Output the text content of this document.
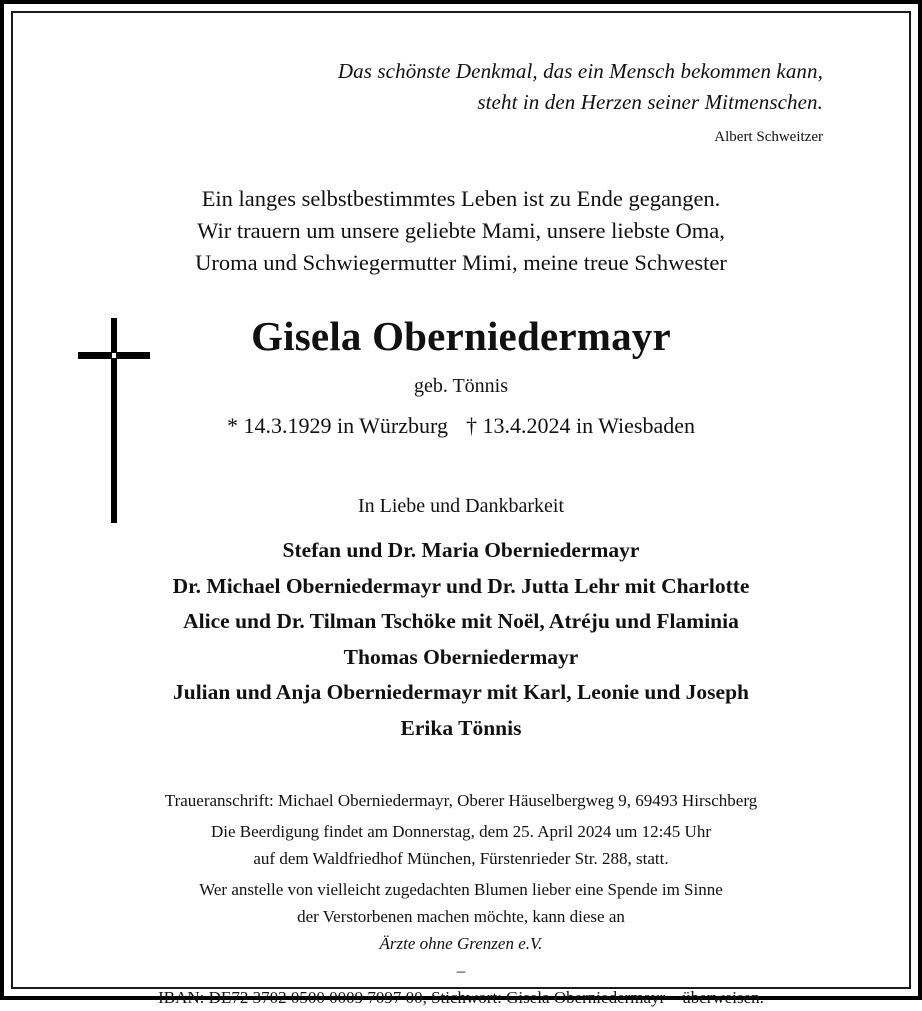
Das schönste Denkmal, das ein Mensch bekommen kann,
steht in den Herzen seiner Mitmenschen.
Albert Schweitzer
Ein langes selbstbestimmtes Leben ist zu Ende gegangen.
Wir trauern um unsere geliebte Mami, unsere liebste Oma,
Uroma und Schwiegermutter Mimi, meine treue Schwester
Gisela Oberniedermayr
geb. Tönnis
* 14.3.1929 in Würzburg † 13.4.2024 in Wiesbaden
In Liebe und Dankbarkeit
Stefan und Dr. Maria Oberniedermayr
Dr. Michael Oberniedermayr und Dr. Jutta Lehr mit Charlotte
Alice und Dr. Tilman Tschöke mit Noël, Atréju und Flaminia
Thomas Oberniedermayr
Julian und Anja Oberniedermayr mit Karl, Leonie und Joseph
Erika Tönnis
Traueranschrift: Michael Oberniedermayr, Oberer Häuselbergweg 9, 69493 Hirschberg
Die Beerdigung findet am Donnerstag, dem 25. April 2024 um 12:45 Uhr
auf dem Waldfriedhof München, Fürstenrieder Str. 288, statt.
Wer anstelle von vielleicht zugedachten Blumen lieber eine Spende im Sinne
der Verstorbenen machen möchte, kann diese an
Ärzte ohne Grenzen e.V.
–
IBAN: DE72 3702 0500 0009 7097 00, Stichwort: Gisela Oberniedermayr – überweisen.
